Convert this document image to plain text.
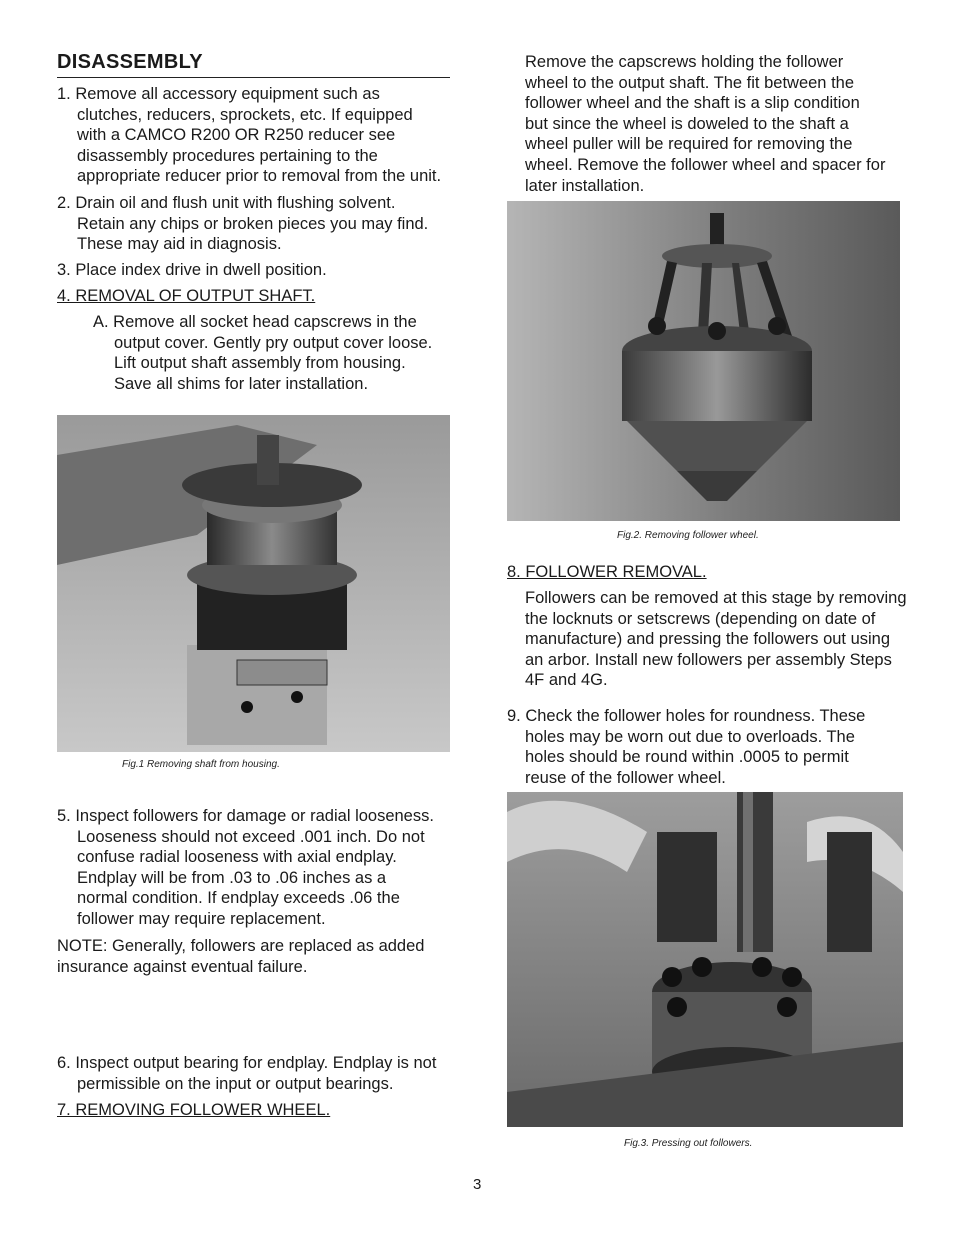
DISASSEMBLY
1. Remove all accessory equipment such as
clutches, reducers, sprockets, etc. If equipped
with a CAMCO R200 OR R250 reducer see
disassembly procedures pertaining to the
appropriate reducer prior to removal from the unit.
2. Drain oil and flush unit with flushing solvent.
Retain any chips or broken pieces you may find.
These may aid in diagnosis.
3. Place index drive in dwell position.
4. REMOVAL OF OUTPUT SHAFT.
A. Remove all socket head capscrews in the
output cover. Gently pry output cover loose.
Lift output shaft assembly from housing.
Save all shims for later installation.
Fig.1 Removing shaft from housing.
5. Inspect followers for damage or radial looseness.
Looseness should not exceed .001 inch. Do not
confuse radial looseness with axial endplay.
Endplay will be from .03 to .06 inches as a
normal condition. If endplay exceeds .06 the
follower may require replacement.
NOTE: Generally, followers are replaced as added
insurance against eventual failure.
6. Inspect output bearing for endplay. Endplay is not
permissible on the input or output bearings.
7. REMOVING FOLLOWER WHEEL.
Remove the capscrews holding the follower
wheel to the output shaft. The fit between the
follower wheel and the shaft is a slip condition
but since the wheel is doweled to the shaft a
wheel puller will be required for removing the
wheel. Remove the follower wheel and spacer for
later installation.
Fig.2. Removing follower wheel.
8. FOLLOWER REMOVAL.
Followers can be removed at this stage by removing
the locknuts or setscrews (depending on date of
manufacture) and pressing the followers out using
an arbor. Install new followers per assembly Steps
4F and 4G.
9. Check the follower holes for roundness. These
holes may be worn out due to overloads. The
holes should be round within .0005 to permit
reuse of the follower wheel.
Fig.3. Pressing out followers.
3
